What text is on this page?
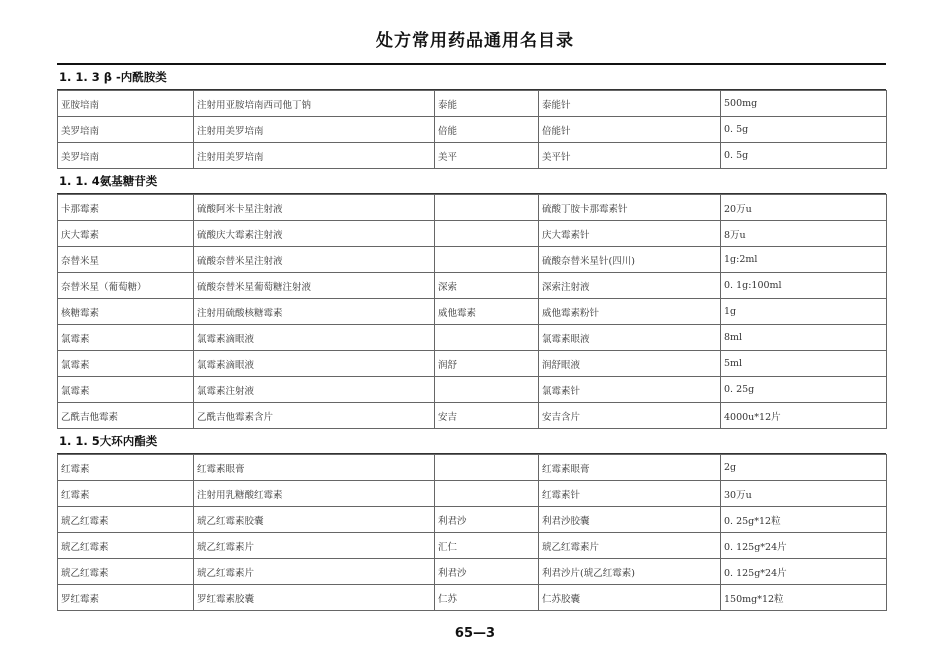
处方常用药品通用名目录
1. 1. 3 β -内酰胺类
亚胺培南	注射用亚胺培南西司他丁钠	泰能	泰能针	500mg
美罗培南	注射用美罗培南	倍能	倍能针	0. 5g
美罗培南	注射用美罗培南	美平	美平针	0. 5g
1. 1. 4氨基糖苷类
卡那霉素	硫酸阿米卡星注射液		硫酸丁胺卡那霉素针	20万u
庆大霉素	硫酸庆大霉素注射液		庆大霉素针	8万u
奈替米星	硫酸奈替米星注射液		硫酸奈替米星针(四川)	1g:2ml
奈替米星（葡萄糖）	硫酸奈替米星葡萄糖注射液	深索	深索注射液	0. 1g:100ml
核糖霉素	注射用硫酸核糖霉素	威他霉素	威他霉素粉针	1g
氯霉素	氯霉素滴眼液		氯霉素眼液	8ml
氯霉素	氯霉素滴眼液	润舒	润舒眼液	5ml
氯霉素	氯霉素注射液		氯霉素针	0. 25g
乙酰吉他霉素	乙酰吉他霉素含片	安吉	安吉含片	4000u*12片
1. 1. 5大环内酯类
红霉素	红霉素眼膏		红霉素眼膏	2g
红霉素	注射用乳糖酸红霉素		红霉素针	30万u
琥乙红霉素	琥乙红霉素胶囊	利君沙	利君沙胶囊	0. 25g*12粒
琥乙红霉素	琥乙红霉素片	汇仁	琥乙红霉素片	0. 125g*24片
琥乙红霉素	琥乙红霉素片	利君沙	利君沙片(琥乙红霉素)	0. 125g*24片
罗红霉素	罗红霉素胶囊	仁苏	仁苏胶囊	150mg*12粒
65—3
